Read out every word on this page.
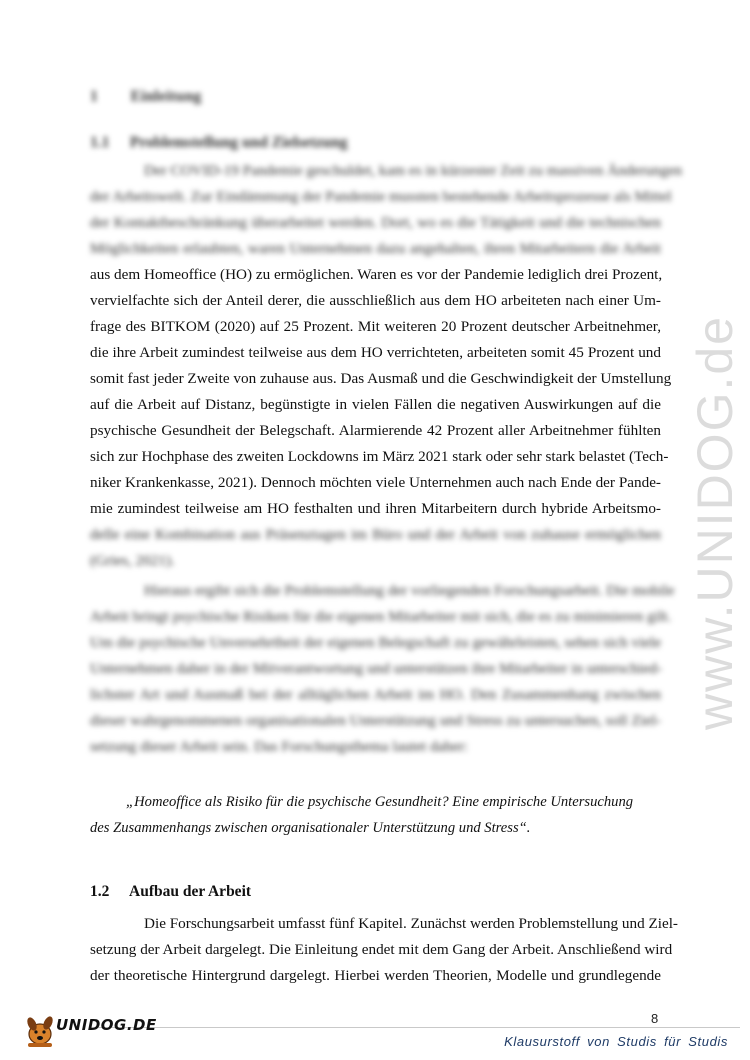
1 Einleitung
1.1 Problemstellung und Zielsetzung
Der COVID-19 Pandemie geschuldet, kam es in kürzester Zeit zu massiven Änderungen
der Arbeitswelt. Zur Eindämmung der Pandemie mussten bestehende Arbeitsprozesse als Mittel
der Kontaktbeschränkung überarbeitet werden. Dort, wo es die Tätigkeit und die technischen
Möglichkeiten erlaubten, waren Unternehmen dazu angehalten, ihren Mitarbeitern die Arbeit
aus dem Homeoffice (HO) zu ermöglichen. Waren es vor der Pandemie lediglich drei Prozent,
vervielfachte sich der Anteil derer, die ausschließlich aus dem HO arbeiteten nach einer Um-
frage des BITKOM (2020) auf 25 Prozent. Mit weiteren 20 Prozent deutscher Arbeitnehmer,
die ihre Arbeit zumindest teilweise aus dem HO verrichteten, arbeiteten somit 45 Prozent und
somit fast jeder Zweite von zuhause aus. Das Ausmaß und die Geschwindigkeit der Umstellung
auf die Arbeit auf Distanz, begünstigte in vielen Fällen die negativen Auswirkungen auf die
psychische Gesundheit der Belegschaft. Alarmierende 42 Prozent aller Arbeitnehmer fühlten
sich zur Hochphase des zweiten Lockdowns im März 2021 stark oder sehr stark belastet (Tech-
niker Krankenkasse, 2021). Dennoch möchten viele Unternehmen auch nach Ende der Pande-
mie zumindest teilweise am HO festhalten und ihren Mitarbeitern durch hybride Arbeitsmo-
delle eine Kombination aus Präsenztagen im Büro und der Arbeit von zuhause ermöglichen
(Gries, 2021).
Hieraus ergibt sich die Problemstellung der vorliegenden Forschungsarbeit. Die mobile
Arbeit bringt psychische Risiken für die eigenen Mitarbeiter mit sich, die es zu minimieren gilt.
Um die psychische Unversehrtheit der eigenen Belegschaft zu gewährleisten, sehen sich viele
Unternehmen daher in der Mitverantwortung und unterstützen ihre Mitarbeiter in unterschied-
lichster Art und Ausmaß bei der alltäglichen Arbeit im HO. Den Zusammenhang zwischen
dieser wahrgenommenen organisationalen Unterstützung und Stress zu untersuchen, soll Ziel-
setzung dieser Arbeit sein. Das Forschungsthema lautet daher:
„Homeoffice als Risiko für die psychische Gesundheit? Eine empirische Untersuchung
des Zusammenhangs zwischen organisationaler Unterstützung und Stress“.
1.2 Aufbau der Arbeit
Die Forschungsarbeit umfasst fünf Kapitel. Zunächst werden Problemstellung und Ziel-
setzung der Arbeit dargelegt. Die Einleitung endet mit dem Gang der Arbeit. Anschließend wird
der theoretische Hintergrund dargelegt. Hierbei werden Theorien, Modelle und grundlegende
www.UNIDOG.de
8
UNIDOG.DE
Klausurstoff von Studis für Studis
